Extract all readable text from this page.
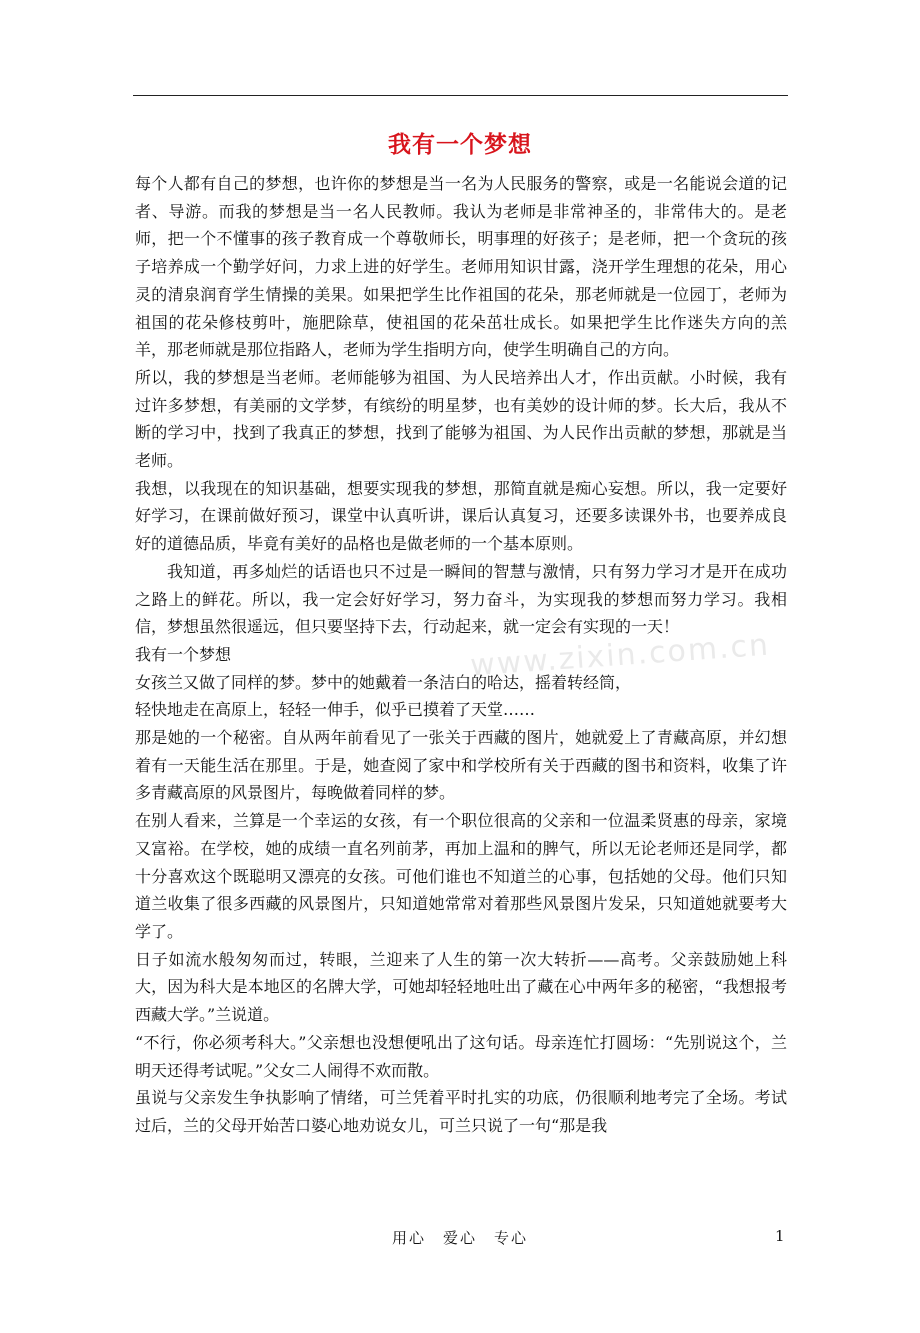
我有一个梦想

每个人都有自己的梦想，也许你的梦想是当一名为人民服务的警察，或是一名能说会道的记者、导游。而我的梦想是当一名人民教师。我认为老师是非常神圣的，非常伟大的。是老师，把一个不懂事的孩子教育成一个尊敬师长，明事理的好孩子；是老师，把一个贪玩的孩子培养成一个勤学好问，力求上进的好学生。老师用知识甘露，浇开学生理想的花朵，用心灵的清泉润育学生情操的美果。如果把学生比作祖国的花朵，那老师就是一位园丁，老师为祖国的花朵修枝剪叶，施肥除草，使祖国的花朵茁壮成长。如果把学生比作迷失方向的羔羊，那老师就是那位指路人，老师为学生指明方向，使学生明确自己的方向。

所以，我的梦想是当老师。老师能够为祖国、为人民培养出人才，作出贡献。小时候，我有过许多梦想，有美丽的文学梦，有缤纷的明星梦，也有美妙的设计师的梦。长大后，我从不断的学习中，找到了我真正的梦想，找到了能够为祖国、为人民作出贡献的梦想，那就是当老师。

我想，以我现在的知识基础，想要实现我的梦想，那简直就是痴心妄想。所以，我一定要好好学习，在课前做好预习，课堂中认真听讲，课后认真复习，还要多读课外书，也要养成良好的道德品质，毕竟有美好的品格也是做老师的一个基本原则。

我知道，再多灿烂的话语也只不过是一瞬间的智慧与激情，只有努力学习才是开在成功之路上的鲜花。所以，我一定会好好学习，努力奋斗，为实现我的梦想而努力学习。我相信，梦想虽然很遥远，但只要坚持下去，行动起来，就一定会有实现的一天！

我有一个梦想

女孩兰又做了同样的梦。梦中的她戴着一条洁白的哈达，摇着转经筒，

轻快地走在高原上，轻轻一伸手，似乎已摸着了天堂……

那是她的一个秘密。自从两年前看见了一张关于西藏的图片，她就爱上了青藏高原，并幻想着有一天能生活在那里。于是，她查阅了家中和学校所有关于西藏的图书和资料，收集了许多青藏高原的风景图片，每晚做着同样的梦。

在别人看来，兰算是一个幸运的女孩，有一个职位很高的父亲和一位温柔贤惠的母亲，家境又富裕。在学校，她的成绩一直名列前茅，再加上温和的脾气，所以无论老师还是同学，都十分喜欢这个既聪明又漂亮的女孩。可他们谁也不知道兰的心事，包括她的父母。他们只知道兰收集了很多西藏的风景图片，只知道她常常对着那些风景图片发呆，只知道她就要考大学了。

日子如流水般匆匆而过，转眼，兰迎来了人生的第一次大转折——高考。父亲鼓励她上科大，因为科大是本地区的名牌大学，可她却轻轻地吐出了藏在心中两年多的秘密，“我想报考西藏大学。”兰说道。

“不行，你必须考科大。”父亲想也没想便吼出了这句话。母亲连忙打圆场：“先别说这个，兰明天还得考试呢。”父女二人闹得不欢而散。

虽说与父亲发生争执影响了情绪，可兰凭着平时扎实的功底，仍很顺利地考完了全场。考试过后，兰的父母开始苦口婆心地劝说女儿，可兰只说了一句“那是我

www.zixin.com.cn
用心　爱心　专心	1
